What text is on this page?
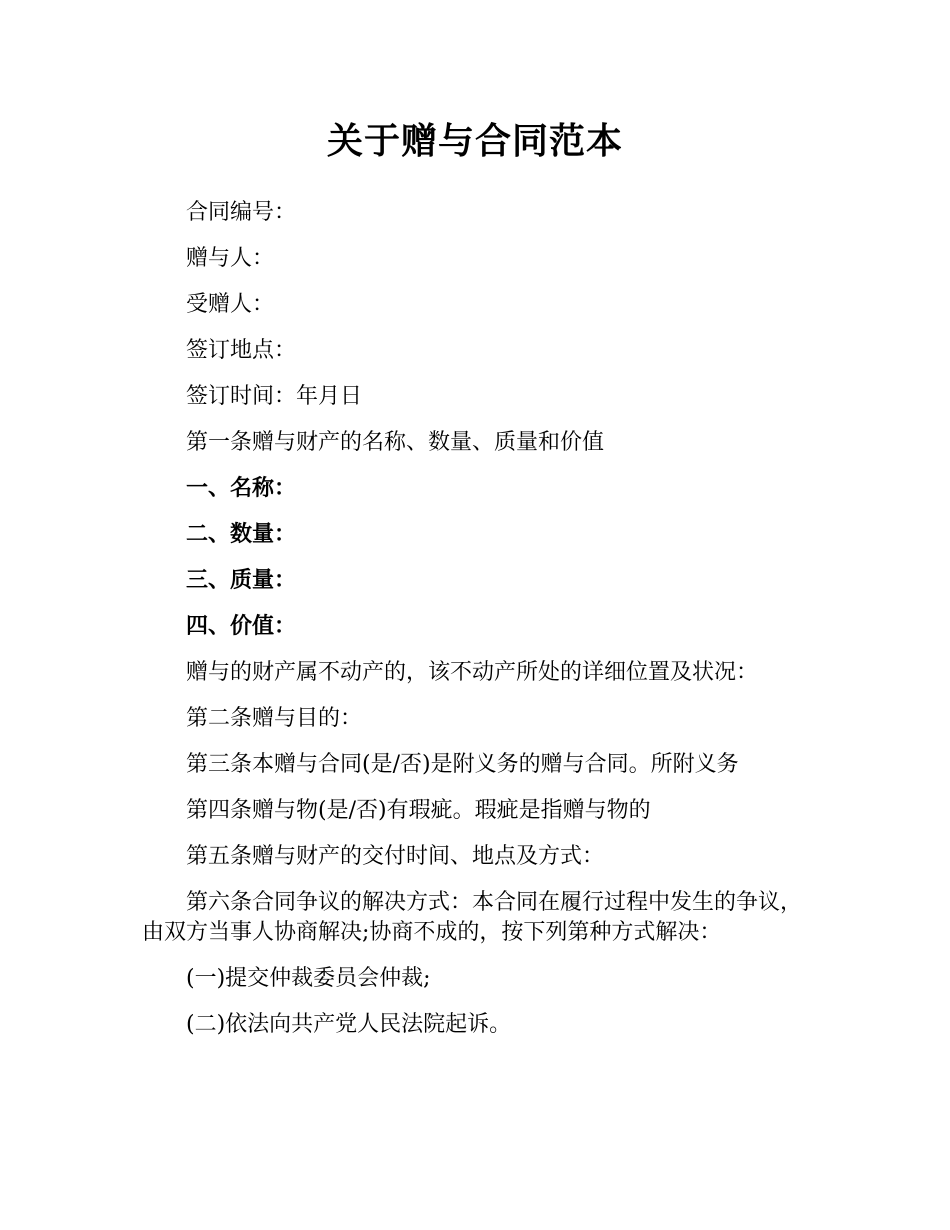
关于赠与合同范本

合同编号：

赠与人：

受赠人：

签订地点：

签订时间：年月日

第一条赠与财产的名称、数量、质量和价值

一、名称：

二、数量：

三、质量：

四、价值：

赠与的财产属不动产的，该不动产所处的详细位置及状况：

第二条赠与目的：

第三条本赠与合同(是/否)是附义务的赠与合同。所附义务

第四条赠与物(是/否)有瑕疵。瑕疵是指赠与物的

第五条赠与财产的交付时间、地点及方式：

第六条合同争议的解决方式：本合同在履行过程中发生的争议，由双方当事人协商解决;协商不成的，按下列第种方式解决：

(一)提交仲裁委员会仲裁;

(二)依法向共产党人民法院起诉。
